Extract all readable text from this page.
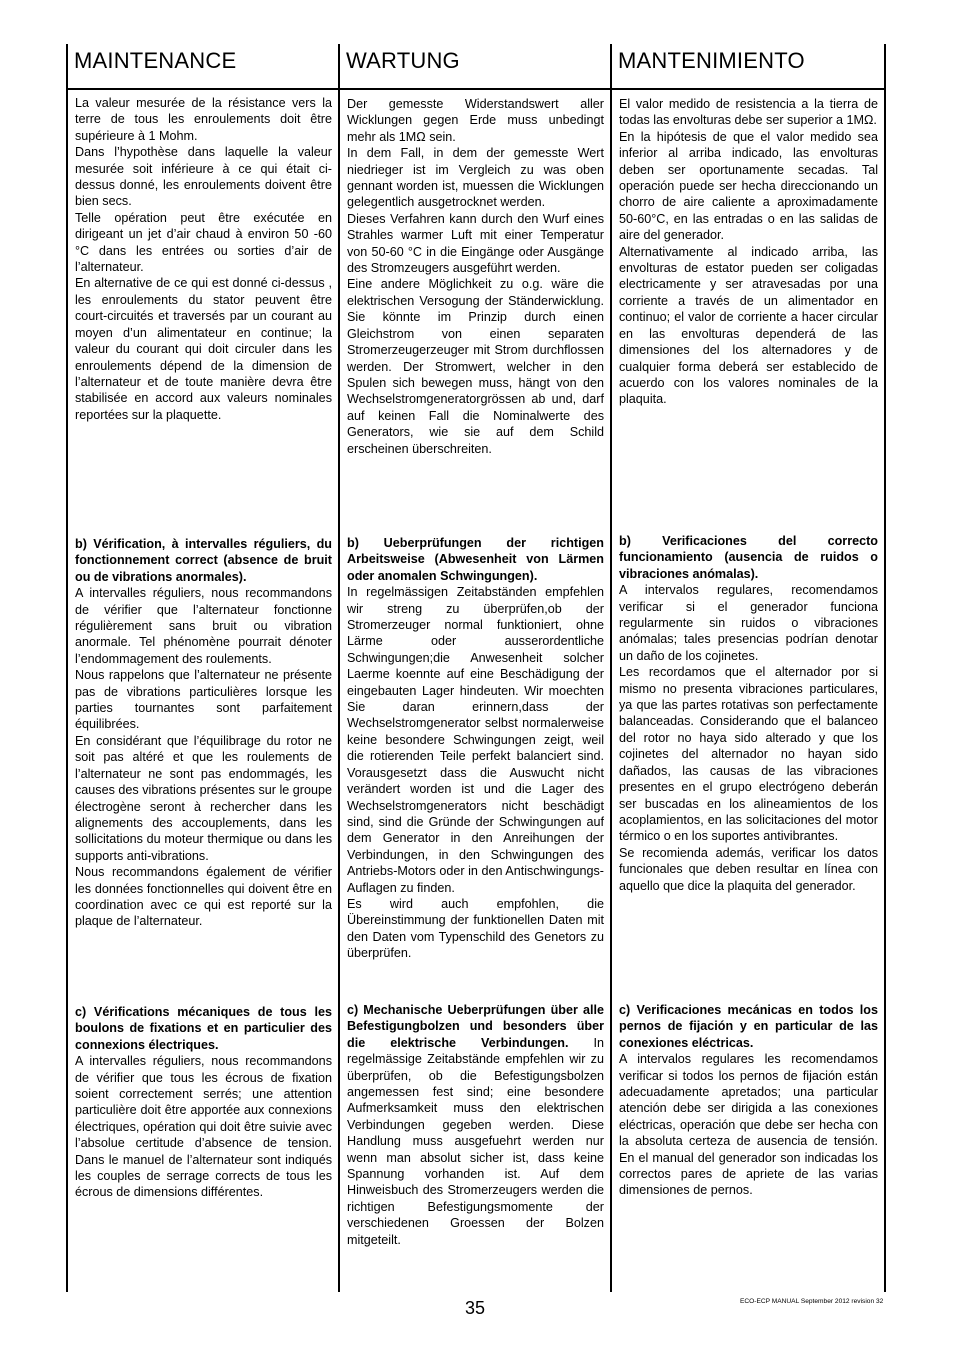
MAINTENANCE

La valeur mesurée de la résistance vers la terre de tous les enroulements doit être supérieure à 1 Mohm.

Dans l’hypothèse dans laquelle la valeur mesurée soit inférieure à ce qui était ci-dessus donné, les enroulements doivent être bien secs.

Telle opération peut être exécutée en dirigeant un jet d’air chaud à environ 50 -60 °C dans les entrées ou sorties d’air de l’alternateur.

En alternative de ce qui est donné ci-dessus , les enroulements du stator peuvent être court-circuités et traversés par un courant au moyen d’un alimentateur en continue; la valeur du courant qui doit circuler dans les enroulements dépend de la dimension de l’alternateur et de toute manière devra être stabilisée en accord aux valeurs nominales reportées sur la plaquette.

b) Vérification, à intervalles réguliers, du fonctionnement correct (absence de bruit ou de vibrations anormales).

A intervalles réguliers, nous recommandons de vérifier que l’alternateur fonctionne régulièrement sans bruit ou vibration anormale. Tel phénomène pourrait dénoter l’endommagement des roulements.

Nous rappelons que l’alternateur ne présente pas de vibrations particulières lorsque les parties tournantes sont parfaitement équilibrées.

En considérant que l’équilibrage du rotor ne soit pas altéré et que les roulements de l’alternateur ne sont pas endommagés, les causes des vibrations présentes sur le groupe électrogène seront à rechercher dans les alignements des accouplements, dans les sollicitations du moteur thermique ou dans les supports anti-vibrations.

Nous recommandons également de vérifier les données fonctionnelles qui doivent être en coordination avec ce qui est reporté sur la plaque de l’alternateur.

c) Vérifications mécaniques de tous les boulons de fixations et en particulier des connexions électriques.

A intervalles réguliers, nous recommandons de vérifier que tous les écrous de fixation soient correctement serrés; une attention particulière doit être apportée aux connexions électriques, opération qui doit être suivie avec l’absolue certitude d’absence de tension. Dans le manuel de l’alternateur sont indiqués les couples de serrage corrects de tous les écrous de dimensions différentes.

WARTUNG

Der gemesste Widerstandswert aller Wicklungen gegen Erde muss unbedingt mehr als 1MΩ sein.

In dem Fall, in dem der gemesste Wert niedrieger ist im Vergleich zu was oben gennant worden ist, muessen die Wicklungen gelegentlich ausgetrocknet werden.

Dieses Verfahren kann durch den Wurf eines Strahles warmer Luft mit einer Temperatur von 50-60 °C in die Eingänge oder Ausgänge des Stromzeugers ausgeführt werden.

Eine andere Möglichkeit zu o.g. wäre die elektrischen Versogung der Ständerwicklung. Sie könnte im Prinzip durch einen Gleichstrom von einen separaten Stromerzeugerzeuger mit Strom durchflossen werden. Der Stromwert, welcher in den Spulen sich bewegen muss, hängt von den Wechselstromgeneratorgrössen ab und, darf auf keinen Fall die Nominalwerte des Generators, wie sie auf dem Schild erscheinen überschreiten.

b) Ueberprüfungen der richtigen Arbeitsweise (Abwesenheit von Lärmen oder anomalen Schwingungen).

In regelmässigen Zeitabständen empfehlen wir streng zu überprüfen,ob der Stromerzeuger normal funktioniert, ohne Lärme oder ausserordentliche Schwingungen;die Anwesenheit solcher Laerme koennte auf eine Beschädigung der eingebauten Lager hindeuten. Wir moechten Sie daran erinnern,dass der Wechselstromgenerator selbst normalerweise keine besondere Schwingungen zeigt, weil die rotierenden Teile perfekt balanciert sind. Vorausgesetzt dass die Auswucht nicht verändert worden ist und die Lager des Wechselstromgenerators nicht beschädigt sind, sind die Gründe der Schwingungen auf dem Generator in den Anreihungen der Verbindungen, in den Schwingungen des Antriebs-Motors oder in den Antischwingungs-Auflagen zu finden.

Es wird auch empfohlen, die Übereinstimmung der funktionellen Daten mit den Daten vom Typenschild des Genetors zu überprüfen.

c) Mechanische Ueberprüfungen über alle Befestigungbolzen und besonders über die elektrische Verbindungen. In regelmässige Zeitabstände empfehlen wir zu überprüfen, ob die Befestigungsbolzen angemessen fest sind; eine besondere Aufmerksamkeit muss den elektrischen Verbindungen gegeben werden. Diese Handlung muss ausgefuehrt werden nur wenn man absolut sicher ist, dass keine Spannung vorhanden ist. Auf dem Hinweisbuch des Stromerzeugers werden die richtigen Befestigungsmomente der verschiedenen Groessen der Bolzen mitgeteilt.

MANTENIMIENTO

El valor medido de resistencia a la tierra de todas las envolturas debe ser superior a 1MΩ.

En la hipótesis de que el valor medido sea inferior al arriba indicado, las envolturas deben ser oportunamente secadas. Tal operación puede ser hecha direccionando un chorro de aire caliente a aproximadamente 50-60°C, en las entradas o en las salidas de aire del generador.

Alternativamente al indicado arriba, las envolturas de estator pueden ser coligadas electricamente y ser atravesadas por una corriente a través de un alimentador en continuo; el valor de corriente a hacer circular en las envolturas dependerá de las dimensiones del los alternadores y de cualquier forma deberá ser establecido de acuerdo con los valores nominales de la plaquita.

b) Verificaciones del correcto funcionamiento (ausencia de ruidos o vibraciones anómalas).

A intervalos regulares, recomendamos verificar si el generador funciona regularmente sin ruidos o vibraciones anómalas; tales presencias podrían denotar un daño de los cojinetes.

Les recordamos que el alternador por si mismo no presenta vibraciones particulares, ya que las partes rotativas son perfectamente balanceadas. Considerando que el balanceo del rotor no haya sido alterado y que los cojinetes del alternador no hayan sido dañados, las causas de las vibraciones presentes en el grupo electrógeno deberán ser buscadas en los alineamientos de los acoplamientos, en las solicitaciones del motor térmico o en los suportes antivibrantes.

Se recomienda además, verificar los datos funcionales que deben resultar en línea con aquello que dice la plaquita del generador.

c) Verificaciones mecánicas en todos los pernos de fijación y en particular de las conexiones eléctricas.

A intervalos regulares les recomendamos verificar si todos los pernos de fijación están adecuadamente apretados; una particular atención debe ser dirigida a las conexiones eléctricas, operación que debe ser hecha con la absoluta certeza de ausencia de tensión. En el manual del generador son indicadas los correctos pares de apriete de las varias dimensiones de pernos.

35	ECO-ECP MANUAL September 2012 revision 32
